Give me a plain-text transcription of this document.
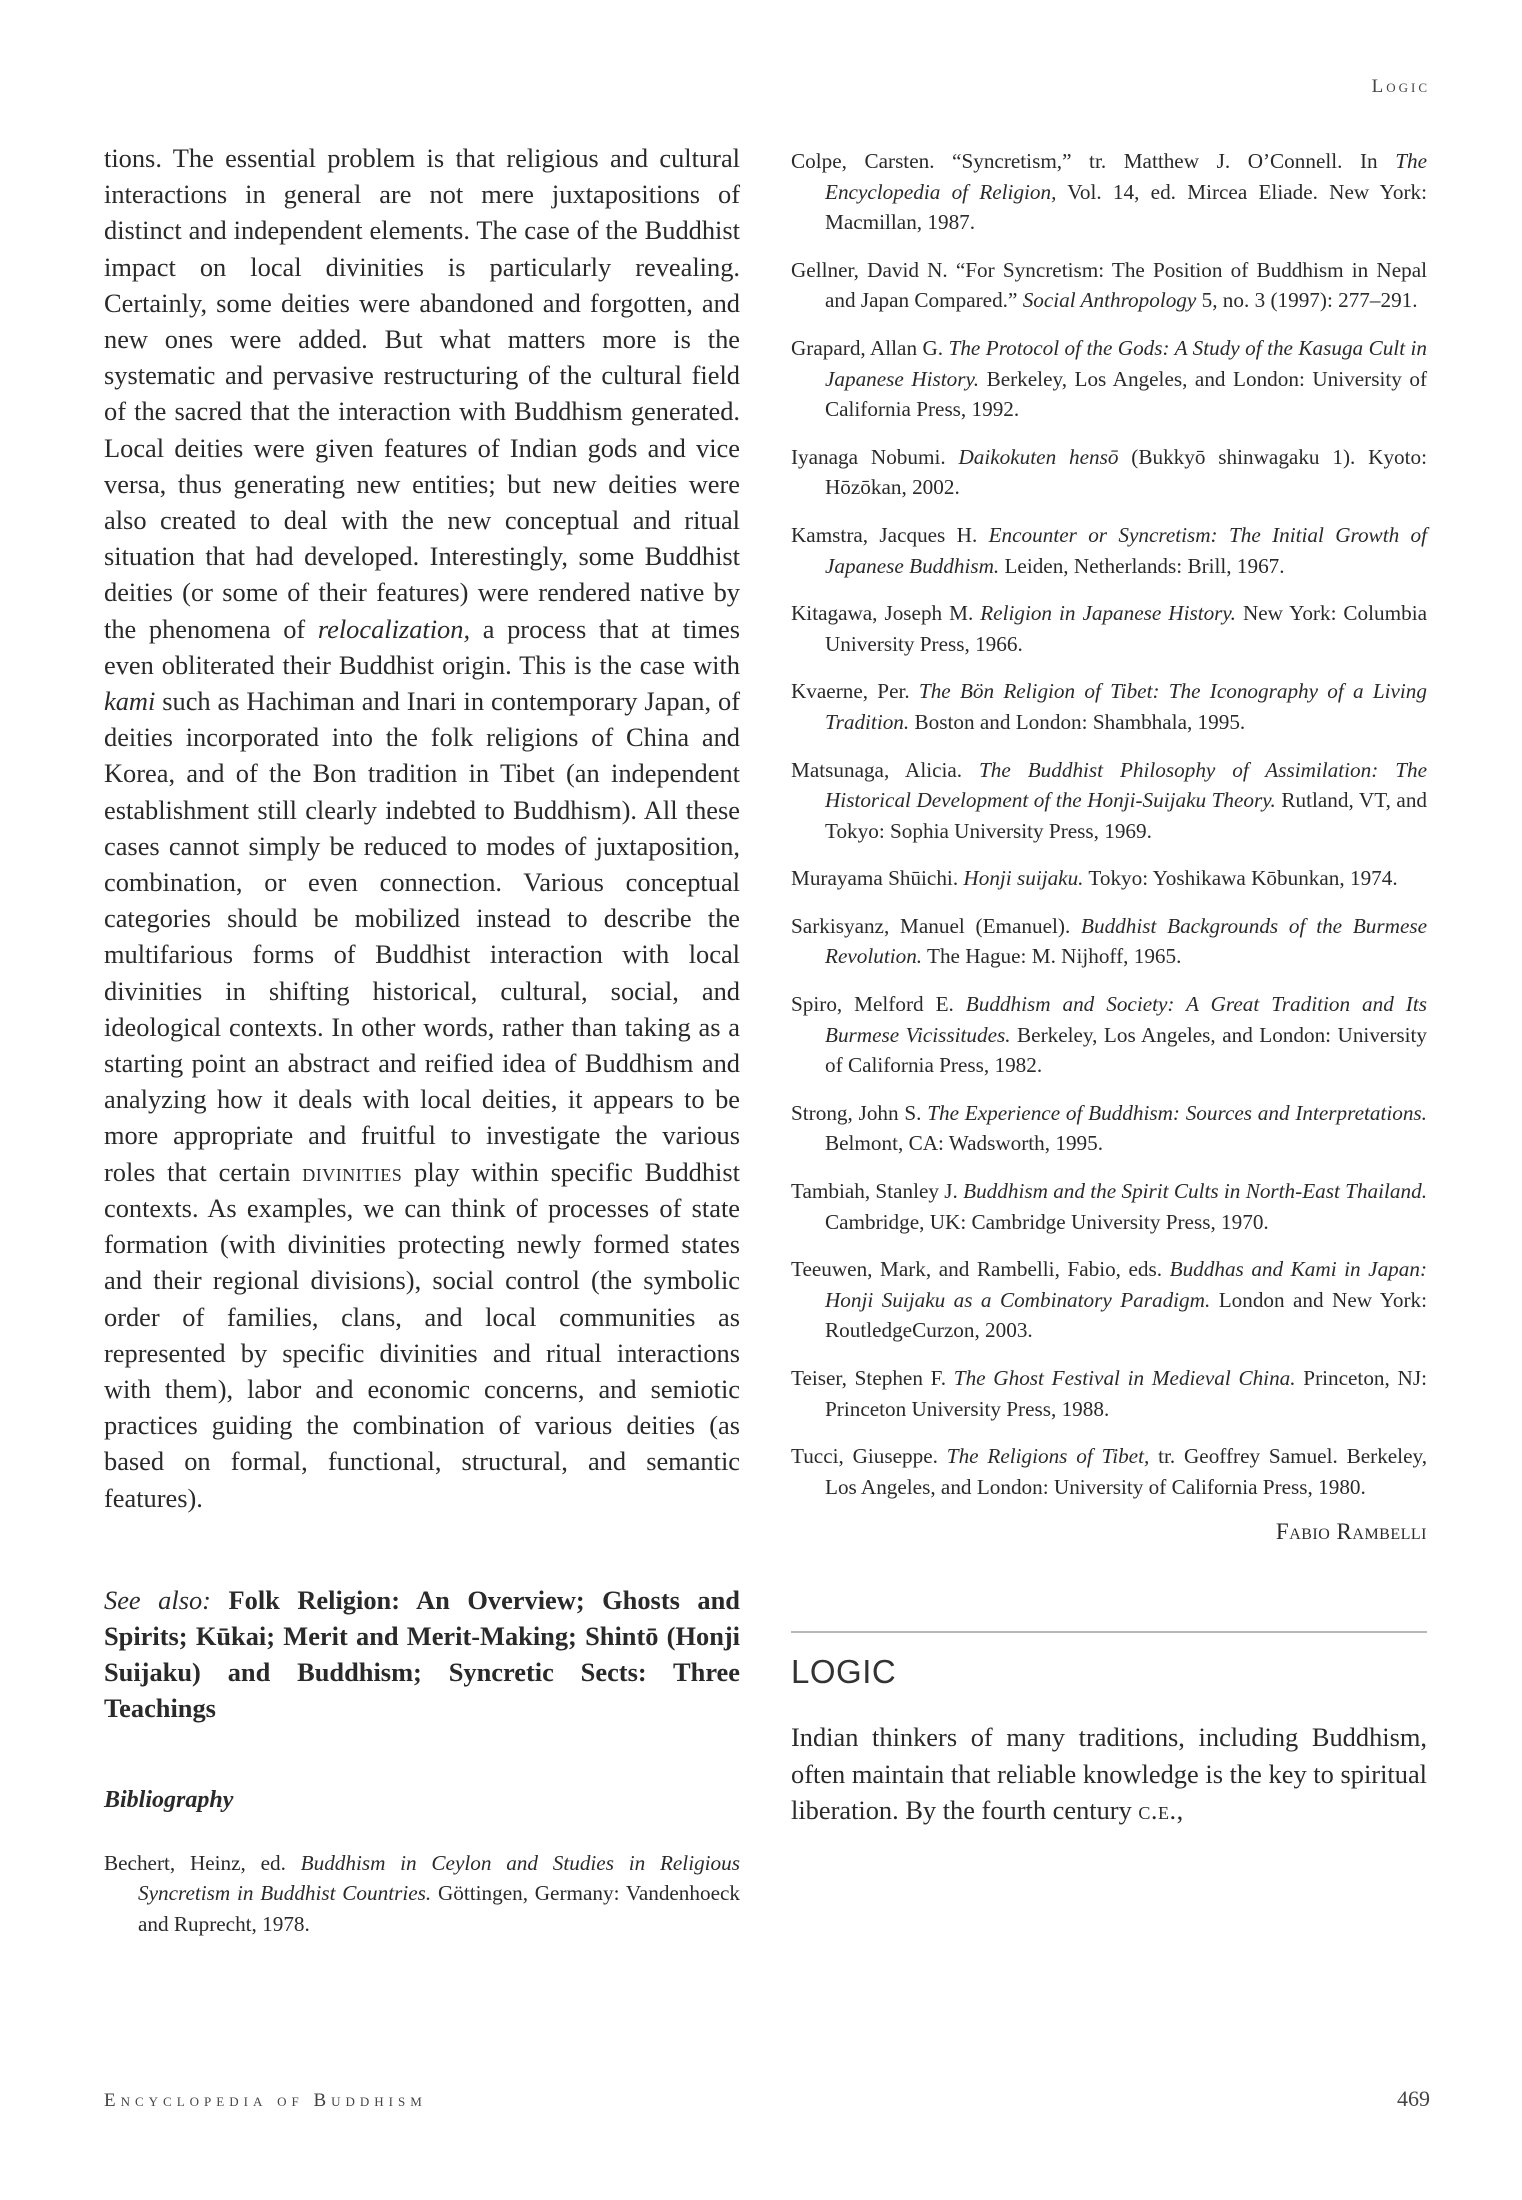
Logic

tions. The essential problem is that religious and cultural interactions in general are not mere juxtapositions of distinct and independent elements. The case of the Buddhist impact on local divinities is particularly revealing. Certainly, some deities were abandoned and forgotten, and new ones were added. But what matters more is the systematic and pervasive restructuring of the cultural field of the sacred that the interaction with Buddhism generated. Local deities were given features of Indian gods and vice versa, thus generating new entities; but new deities were also created to deal with the new conceptual and ritual situation that had developed. Interestingly, some Buddhist deities (or some of their features) were rendered native by the phenomena of relocalization, a process that at times even obliterated their Buddhist origin. This is the case with kami such as Hachiman and Inari in contemporary Japan, of deities incorporated into the folk religions of China and Korea, and of the Bon tradition in Tibet (an independent establishment still clearly indebted to Buddhism). All these cases cannot simply be reduced to modes of juxtaposition, combination, or even connection. Various conceptual categories should be mobilized instead to describe the multifarious forms of Buddhist interaction with local divinities in shifting historical, cultural, social, and ideological contexts. In other words, rather than taking as a starting point an abstract and reified idea of Buddhism and analyzing how it deals with local deities, it appears to be more appropriate and fruitful to investigate the various roles that certain divinities play within specific Buddhist contexts. As examples, we can think of processes of state formation (with divinities protecting newly formed states and their regional divisions), social control (the symbolic order of families, clans, and local communities as represented by specific divinities and ritual interactions with them), labor and economic concerns, and semiotic practices guiding the combination of various deities (as based on formal, functional, structural, and semantic features).

See also: Folk Religion: An Overview; Ghosts and Spirits; Kūkai; Merit and Merit-Making; Shintō (Honji Suijaku) and Buddhism; Syncretic Sects: Three Teachings
Bibliography
Bechert, Heinz, ed. Buddhism in Ceylon and Studies in Religious Syncretism in Buddhist Countries. Göttingen, Germany: Vandenhoeck and Ruprecht, 1978.
Colpe, Carsten. “Syncretism,” tr. Matthew J. O’Connell. In The Encyclopedia of Religion, Vol. 14, ed. Mircea Eliade. New York: Macmillan, 1987.
Gellner, David N. “For Syncretism: The Position of Buddhism in Nepal and Japan Compared.” Social Anthropology 5, no. 3 (1997): 277–291.
Grapard, Allan G. The Protocol of the Gods: A Study of the Kasuga Cult in Japanese History. Berkeley, Los Angeles, and London: University of California Press, 1992.
Iyanaga Nobumi. Daikokuten hensō (Bukkyō shinwagaku 1). Kyoto: Hōzōkan, 2002.
Kamstra, Jacques H. Encounter or Syncretism: The Initial Growth of Japanese Buddhism. Leiden, Netherlands: Brill, 1967.
Kitagawa, Joseph M. Religion in Japanese History. New York: Columbia University Press, 1966.
Kvaerne, Per. The Bön Religion of Tibet: The Iconography of a Living Tradition. Boston and London: Shambhala, 1995.
Matsunaga, Alicia. The Buddhist Philosophy of Assimilation: The Historical Development of the Honji-Suijaku Theory. Rutland, VT, and Tokyo: Sophia University Press, 1969.
Murayama Shūichi. Honji suijaku. Tokyo: Yoshikawa Kōbunkan, 1974.
Sarkisyanz, Manuel (Emanuel). Buddhist Backgrounds of the Burmese Revolution. The Hague: M. Nijhoff, 1965.
Spiro, Melford E. Buddhism and Society: A Great Tradition and Its Burmese Vicissitudes. Berkeley, Los Angeles, and London: University of California Press, 1982.
Strong, John S. The Experience of Buddhism: Sources and Interpretations. Belmont, CA: Wadsworth, 1995.
Tambiah, Stanley J. Buddhism and the Spirit Cults in North-East Thailand. Cambridge, UK: Cambridge University Press, 1970.
Teeuwen, Mark, and Rambelli, Fabio, eds. Buddhas and Kami in Japan: Honji Suijaku as a Combinatory Paradigm. London and New York: RoutledgeCurzon, 2003.
Teiser, Stephen F. The Ghost Festival in Medieval China. Princeton, NJ: Princeton University Press, 1988.
Tucci, Giuseppe. The Religions of Tibet, tr. Geoffrey Samuel. Berkeley, Los Angeles, and London: University of California Press, 1980.
Fabio Rambelli
LOGIC

Indian thinkers of many traditions, including Buddhism, often maintain that reliable knowledge is the key to spiritual liberation. By the fourth century c.e.,

Encyclopedia of Buddhism	469
